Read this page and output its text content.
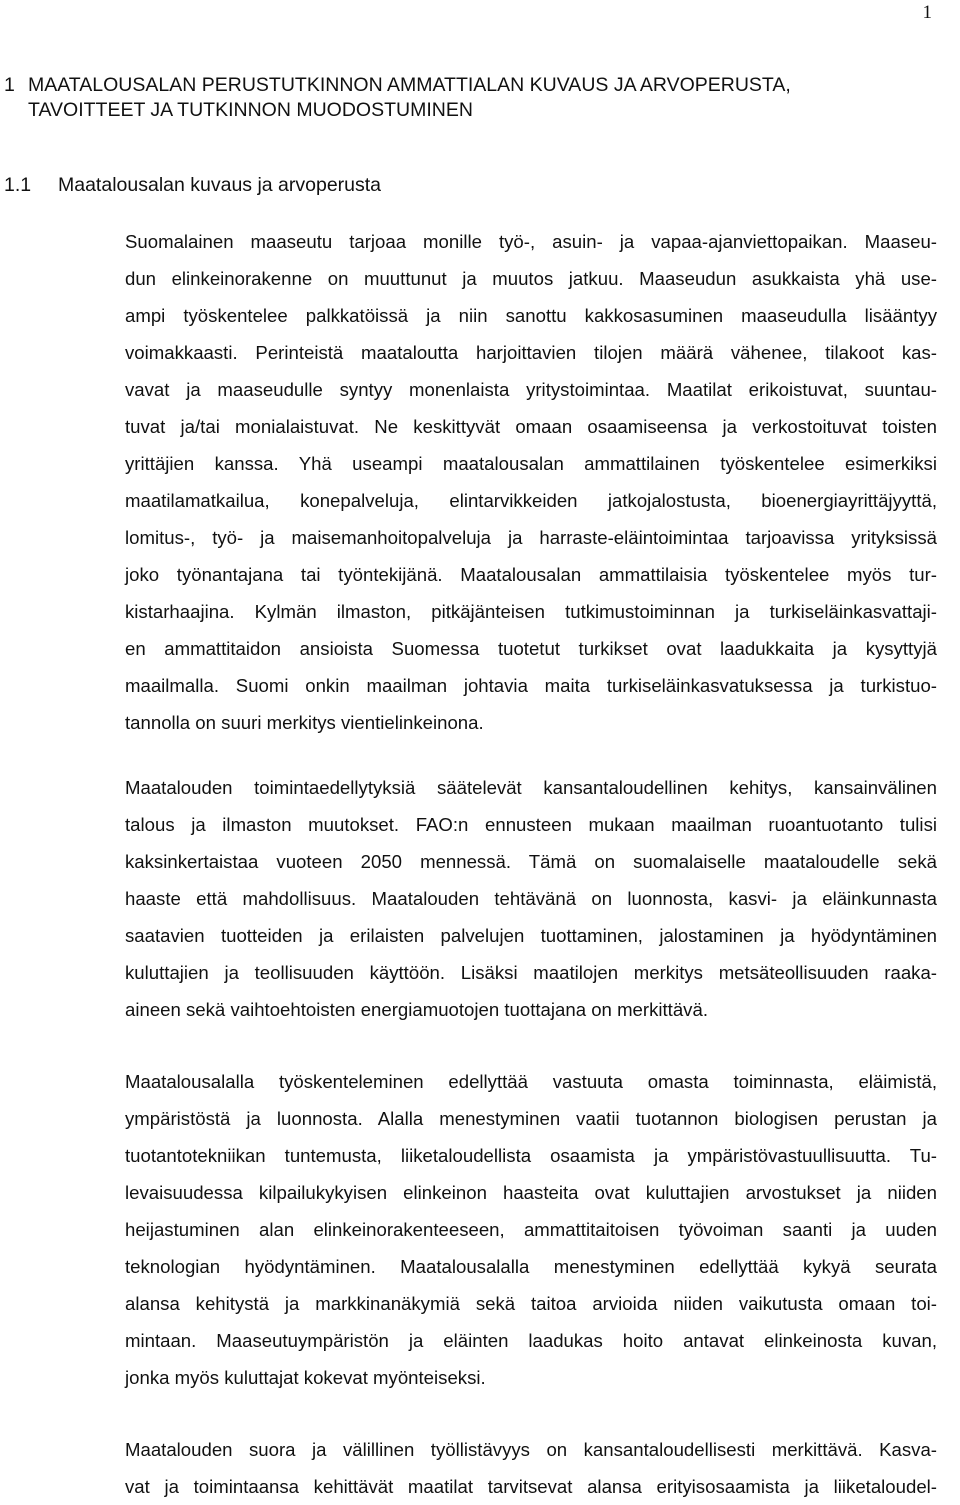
1
1 MAATALOUSALAN PERUSTUTKINNON AMMATTIALAN KUVAUS JA ARVOPERUSTA,
TAVOITTEET JA TUTKINNON MUODOSTUMINEN
1.1	Maatalousalan kuvaus ja arvoperusta

Suomalainen maaseutu tarjoaa monille työ-, asuin- ja vapaa-ajanviettopaikan. Maaseu-
dun elinkeinorakenne on muuttunut ja muutos jatkuu. Maaseudun asukkaista yhä use-
ampi työskentelee palkkatöissä ja niin sanottu kakkosasuminen maaseudulla lisääntyy
voimakkaasti. Perinteistä maataloutta harjoittavien tilojen määrä vähenee, tilakoot kas-
vavat ja maaseudulle syntyy monenlaista yritystoimintaa. Maatilat erikoistuvat, suuntau-
tuvat ja/tai monialaistuvat. Ne keskittyvät omaan osaamiseensa ja verkostoituvat toisten
yrittäjien kanssa. Yhä useampi maatalousalan ammattilainen työskentelee esimerkiksi
maatilamatkailua, konepalveluja, elintarvikkeiden jatkojalostusta, bioenergiayrittäjyyttä,
lomitus-, työ- ja maisemanhoitopalveluja ja harraste-eläintoimintaa tarjoavissa yrityksissä
joko työnantajana tai työntekijänä. Maatalousalan ammattilaisia työskentelee myös tur-
kistarhaajina. Kylmän ilmaston, pitkäjänteisen tutkimustoiminnan ja turkiseläinkasvattaji-
en ammattitaidon ansioista Suomessa tuotetut turkikset ovat laadukkaita ja kysyttyjä
maailmalla. Suomi onkin maailman johtavia maita turkiseläinkasvatuksessa ja turkistuo-
tannolla on suuri merkitys vientielinkeinona.

Maatalouden toimintaedellytyksiä säätelevät kansantaloudellinen kehitys, kansainvälinen
talous ja ilmaston muutokset. FAO:n ennusteen mukaan maailman ruoantuotanto tulisi
kaksinkertaistaa vuoteen 2050 mennessä. Tämä on suomalaiselle maataloudelle sekä
haaste että mahdollisuus. Maatalouden tehtävänä on luonnosta, kasvi- ja eläinkunnasta
saatavien tuotteiden ja erilaisten palvelujen tuottaminen, jalostaminen ja hyödyntäminen
kuluttajien ja teollisuuden käyttöön. Lisäksi maatilojen merkitys metsäteollisuuden raaka-
aineen sekä vaihtoehtoisten energiamuotojen tuottajana on merkittävä.

Maatalousalalla työskenteleminen edellyttää vastuuta omasta toiminnasta, eläimistä,
ympäristöstä ja luonnosta. Alalla menestyminen vaatii tuotannon biologisen perustan ja
tuotantotekniikan tuntemusta, liiketaloudellista osaamista ja ympäristövastuullisuutta. Tu-
levaisuudessa kilpailukykyisen elinkeinon haasteita ovat kuluttajien arvostukset ja niiden
heijastuminen alan elinkeinorakenteeseen, ammattitaitoisen työvoiman saanti ja uuden
teknologian hyödyntäminen. Maatalousalalla menestyminen edellyttää kykyä seurata
alansa kehitystä ja markkinanäkymiä sekä taitoa arvioida niiden vaikutusta omaan toi-
mintaan. Maaseutuympäristön ja eläinten laadukas hoito antavat elinkeinosta kuvan,
jonka myös kuluttajat kokevat myönteiseksi.

Maatalouden suora ja välillinen työllistävyys on kansantaloudellisesti merkittävä. Kasva-
vat ja toimintaansa kehittävät maatilat tarvitsevat alansa erityisosaamista ja liiketaloudel-
